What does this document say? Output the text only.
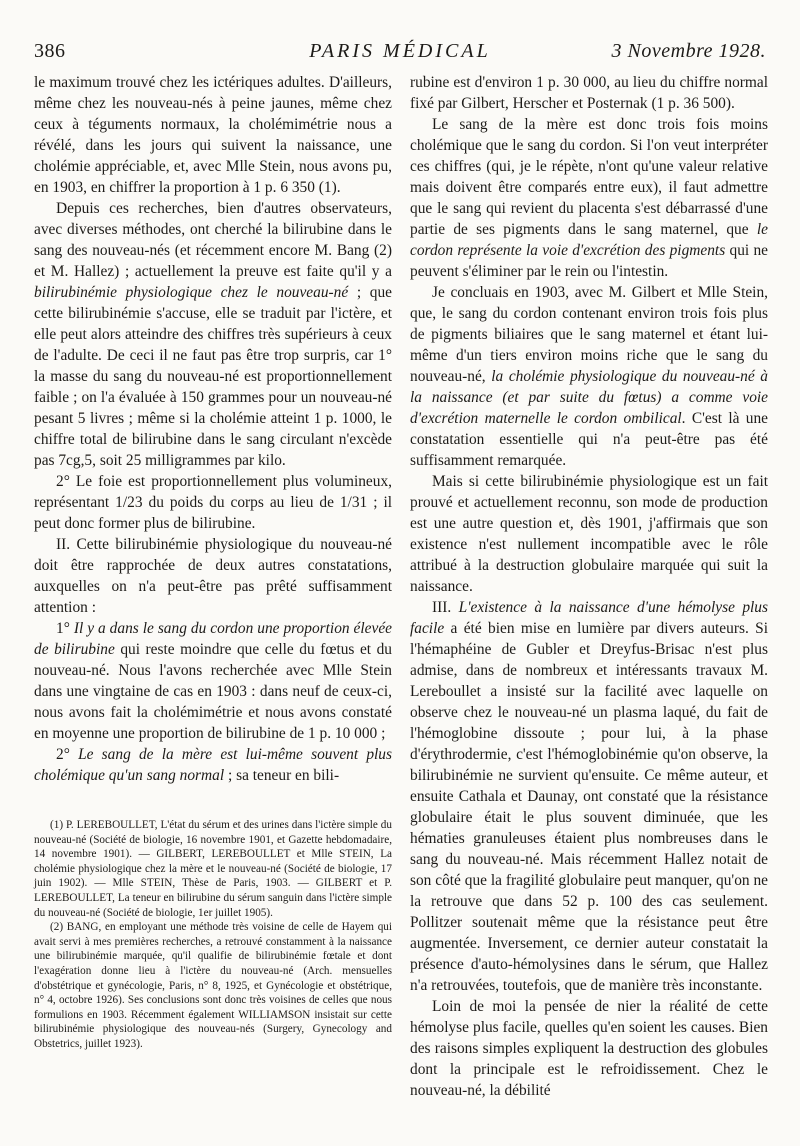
386	PARIS MÉDICAL	3 Novembre 1928.

le maximum trouvé chez les ictériques adultes. D'ailleurs, même chez les nouveau-nés à peine jaunes, même chez ceux à téguments normaux, la cholémimétrie nous a révélé, dans les jours qui suivent la naissance, une cholémie appréciable, et, avec Mlle Stein, nous avons pu, en 1903, en chiffrer la proportion à 1 p. 6 350 (1).

Depuis ces recherches, bien d'autres observateurs, avec diverses méthodes, ont cherché la bilirubine dans le sang des nouveau-nés (et récemment encore M. Bang (2) et M. Hallez) ; actuellement la preuve est faite qu'il y a bilirubinémie physiologique chez le nouveau-né ; que cette bilirubinémie s'accuse, elle se traduit par l'ictère, et elle peut alors atteindre des chiffres très supérieurs à ceux de l'adulte. De ceci il ne faut pas être trop surpris, car 1° la masse du sang du nouveau-né est proportionnellement faible ; on l'a évaluée à 150 grammes pour un nouveau-né pesant 5 livres ; même si la cholémie atteint 1 p. 1000, le chiffre total de bilirubine dans le sang circulant n'excède pas 7cg,5, soit 25 milligrammes par kilo.

2° Le foie est proportionnellement plus volumineux, représentant 1/23 du poids du corps au lieu de 1/31 ; il peut donc former plus de bilirubine.

II. Cette bilirubinémie physiologique du nouveau-né doit être rapprochée de deux autres constatations, auxquelles on n'a peut-être pas prêté suffisamment attention :

1° Il y a dans le sang du cordon une proportion élevée de bilirubine qui reste moindre que celle du fœtus et du nouveau-né. Nous l'avons recherchée avec Mlle Stein dans une vingtaine de cas en 1903 : dans neuf de ceux-ci, nous avons fait la cholémimétrie et nous avons constaté en moyenne une proportion de bilirubine de 1 p. 10 000 ;

2° Le sang de la mère est lui-même souvent plus cholémique qu'un sang normal ; sa teneur en bili-

(1) P. LEREBOULLET, L'état du sérum et des urines dans l'ictère simple du nouveau-né (Société de biologie, 16 novembre 1901, et Gazette hebdomadaire, 14 novembre 1901). — GILBERT, LEREBOULLET et Mlle STEIN, La cholémie physiologique chez la mère et le nouveau-né (Société de biologie, 17 juin 1902). — Mlle STEIN, Thèse de Paris, 1903. — GILBERT et P. LEREBOULLET, La teneur en bilirubine du sérum sanguin dans l'ictère simple du nouveau-né (Société de biologie, 1er juillet 1905).

(2) BANG, en employant une méthode très voisine de celle de Hayem qui avait servi à mes premières recherches, a retrouvé constamment à la naissance une bilirubinémie marquée, qu'il qualifie de bilirubinémie fœtale et dont l'exagération donne lieu à l'ictère du nouveau-né (Arch. mensuelles d'obstétrique et gynécologie, Paris, n° 8, 1925, et Gynécologie et obstétrique, n° 4, octobre 1926). Ses conclusions sont donc très voisines de celles que nous formulions en 1903. Récemment également WILLIAMSON insistait sur cette bilirubinémie physiologique des nouveau-nés (Surgery, Gynecology and Obstetrics, juillet 1923).

rubine est d'environ 1 p. 30 000, au lieu du chiffre normal fixé par Gilbert, Herscher et Posternak (1 p. 36 500).

Le sang de la mère est donc trois fois moins cholémique que le sang du cordon. Si l'on veut interpréter ces chiffres (qui, je le répète, n'ont qu'une valeur relative mais doivent être comparés entre eux), il faut admettre que le sang qui revient du placenta s'est débarrassé d'une partie de ses pigments dans le sang maternel, que le cordon représente la voie d'excrétion des pigments qui ne peuvent s'éliminer par le rein ou l'intestin.

Je concluais en 1903, avec M. Gilbert et Mlle Stein, que, le sang du cordon contenant environ trois fois plus de pigments biliaires que le sang maternel et étant lui-même d'un tiers environ moins riche que le sang du nouveau-né, la cholémie physiologique du nouveau-né à la naissance (et par suite du fœtus) a comme voie d'excrétion maternelle le cordon ombilical. C'est là une constatation essentielle qui n'a peut-être pas été suffisamment remarquée.

Mais si cette bilirubinémie physiologique est un fait prouvé et actuellement reconnu, son mode de production est une autre question et, dès 1901, j'affirmais que son existence n'est nullement incompatible avec le rôle attribué à la destruction globulaire marquée qui suit la naissance.

III. L'existence à la naissance d'une hémolyse plus facile a été bien mise en lumière par divers auteurs. Si l'hémaphéine de Gubler et Dreyfus-Brisac n'est plus admise, dans de nombreux et intéressants travaux M. Lereboullet a insisté sur la facilité avec laquelle on observe chez le nouveau-né un plasma laqué, du fait de l'hémoglobine dissoute ; pour lui, à la phase d'érythrodermie, c'est l'hémoglobinémie qu'on observe, la bilirubinémie ne survient qu'ensuite. Ce même auteur, et ensuite Cathala et Daunay, ont constaté que la résistance globulaire était le plus souvent diminuée, que les hématies granuleuses étaient plus nombreuses dans le sang du nouveau-né. Mais récemment Hallez notait de son côté que la fragilité globulaire peut manquer, qu'on ne la retrouve que dans 52 p. 100 des cas seulement. Pollitzer soutenait même que la résistance peut être augmentée. Inversement, ce dernier auteur constatait la présence d'auto-hémolysines dans le sérum, que Hallez n'a retrouvées, toutefois, que de manière très inconstante.

Loin de moi la pensée de nier la réalité de cette hémolyse plus facile, quelles qu'en soient les causes. Bien des raisons simples expliquent la destruction des globules dont la principale est le refroidissement. Chez le nouveau-né, la débilité
